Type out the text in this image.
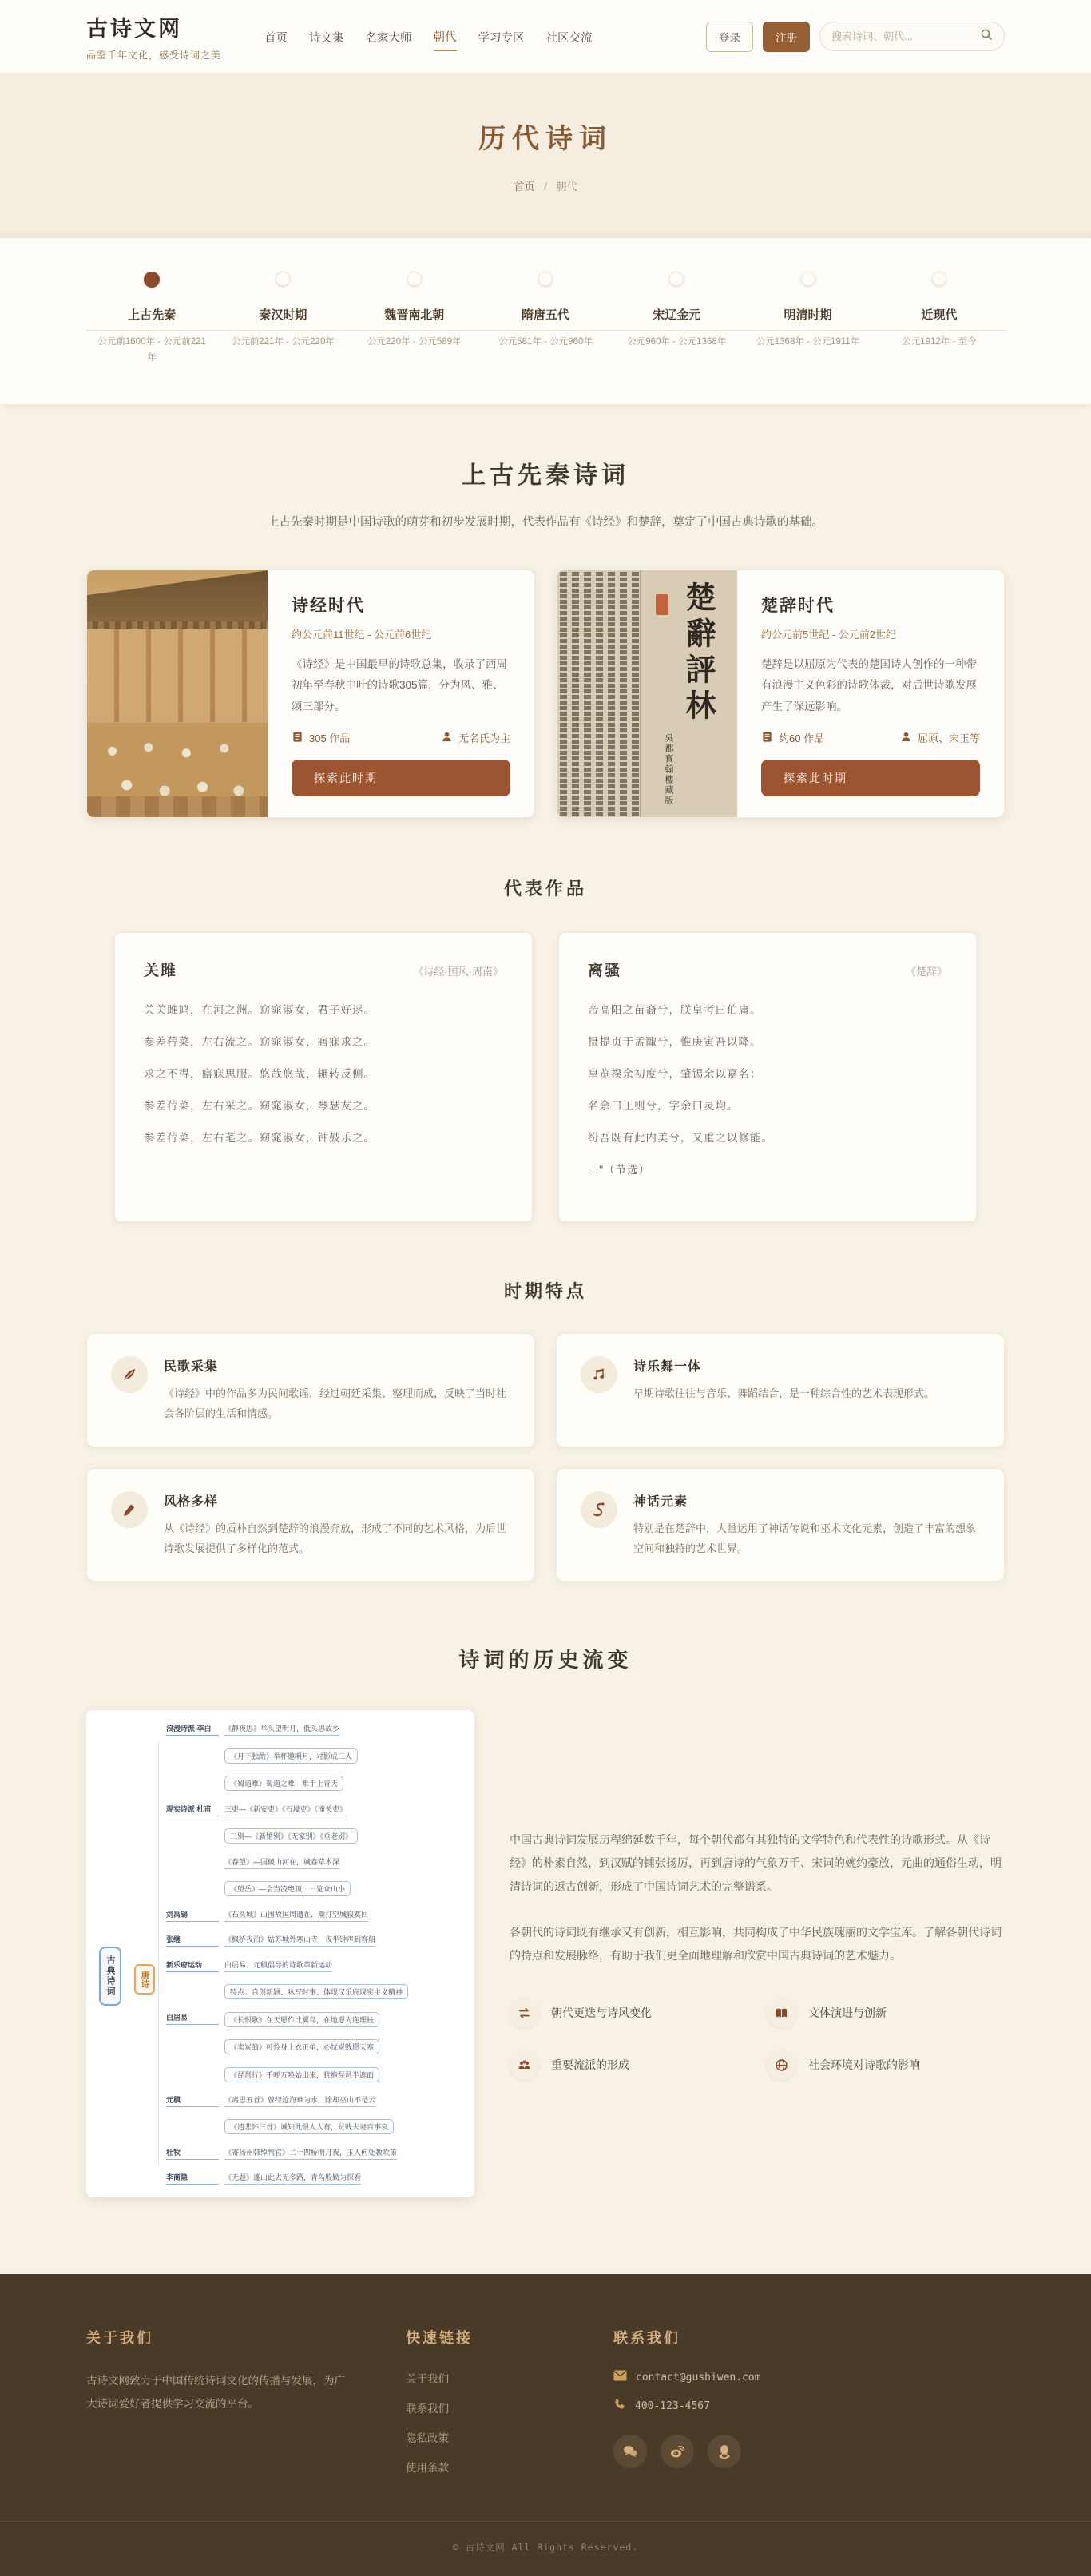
古诗文网
品鉴千年文化，感受诗词之美
首页 诗文集 名家大师 朝代 学习专区 社区交流	登录	注册
搜索诗词、朝代...
历代诗词
首页 / 朝代
上古先秦
公元前1600年 - 公元前221年
秦汉时期
公元前221年 - 公元220年
魏晋南北朝
公元220年 - 公元589年
隋唐五代
公元581年 - 公元960年
宋辽金元
公元960年 - 公元1368年
明清时期
公元1368年 - 公元1911年
近现代
公元1912年 - 至今
上古先秦诗词

上古先秦时期是中国诗歌的萌芽和初步发展时期，代表作品有《诗经》和楚辞，奠定了中国古典诗歌的基础。

诗经时代
约公元前11世纪 - 公元前6世纪

《诗经》是中国最早的诗歌总集，收录了西周初年至春秋中叶的诗歌305篇，分为风、雅、颂三部分。

305 作品	无名氏为主
探索此时期
楚辭評林
吳郡寳翰樓藏版
楚辞时代
约公元前5世纪 - 公元前2世纪

楚辞是以屈原为代表的楚国诗人创作的一种带有浪漫主义色彩的诗歌体裁，对后世诗歌发展产生了深远影响。

约60 作品	屈原、宋玉等
探索此时期
代表作品
关雎	《诗经·国风·周南》

关关雎鸠，在河之洲。窈窕淑女，君子好逑。

参差荇菜，左右流之。窈窕淑女，寤寐求之。

求之不得，寤寐思服。悠哉悠哉，辗转反侧。

参差荇菜，左右采之。窈窕淑女，琴瑟友之。

参差荇菜，左右芼之。窈窕淑女，钟鼓乐之。

离骚	《楚辞》

帝高阳之苗裔兮，朕皇考曰伯庸。

摄提贞于孟陬兮，惟庚寅吾以降。

皇览揆余初度兮，肇锡余以嘉名：

名余曰正则兮，字余曰灵均。

纷吾既有此内美兮，又重之以修能。

..."（节选）

时期特点
民歌采集

《诗经》中的作品多为民间歌谣，经过朝廷采集、整理而成，反映了当时社会各阶层的生活和情感。

诗乐舞一体

早期诗歌往往与音乐、舞蹈结合，是一种综合性的艺术表现形式。

风格多样

从《诗经》的质朴自然到楚辞的浪漫奔放，形成了不同的艺术风格，为后世诗歌发展提供了多样化的范式。

神话元素

特别是在楚辞中，大量运用了神话传说和巫术文化元素，创造了丰富的想象空间和独特的艺术世界。

诗词的历史流变
古典诗词	唐诗
浪漫诗派 李白	《静夜思》举头望明月，低头思故乡
《月下独酌》举杯邀明月，对影成三人
《蜀道难》蜀道之难，难于上青天
现实诗派 杜甫	三吏—《新安吏》《石壕吏》《潼关吏》
三别—《新婚别》《无家别》《垂老别》
《春望》—国破山河在，城春草木深
《望岳》—会当凌绝顶，一览众山小
刘禹锡	《石头城》山围故国周遭在，潮打空城寂寞回
张继	《枫桥夜泊》姑苏城外寒山寺，夜半钟声到客船
新乐府运动	白居易、元稹倡导的诗歌革新运动
特点：自创新题、咏写时事、体现汉乐府现实主义精神
白居易	《长恨歌》在天愿作比翼鸟，在地愿为连理枝
《卖炭翁》可怜身上衣正单，心忧炭贱愿天寒
《琵琶行》千呼万唤始出来，犹抱琵琶半遮面
元稹	《离思五首》曾经沧海难为水，除却巫山不是云
《遣悲怀三首》诚知此恨人人有，贫贱夫妻百事哀
杜牧	《寄扬州韩绰判官》二十四桥明月夜，玉人何处教吹箫
李商隐	《无题》蓬山此去无多路，青鸟殷勤为探看

中国古典诗词发展历程绵延数千年，每个朝代都有其独特的文学特色和代表性的诗歌形式。从《诗经》的朴素自然，到汉赋的铺张扬厉，再到唐诗的气象万千、宋词的婉约豪放，元曲的通俗生动，明清诗词的返古创新，形成了中国诗词艺术的完整谱系。

各朝代的诗词既有继承又有创新，相互影响，共同构成了中华民族瑰丽的文学宝库。了解各朝代诗词的特点和发展脉络，有助于我们更全面地理解和欣赏中国古典诗词的艺术魅力。

朝代更迭与诗风变化	文体演进与创新
重要流派的形成	社会环境对诗歌的影响
关于我们

古诗文网致力于中国传统诗词文化的传播与发展，为广大诗词爱好者提供学习交流的平台。

快速链接
关于我们
联系我们
隐私政策
使用条款
联系我们
contact@gushiwen.com
400-123-4567
© 古诗文网 All Rights Reserved.
